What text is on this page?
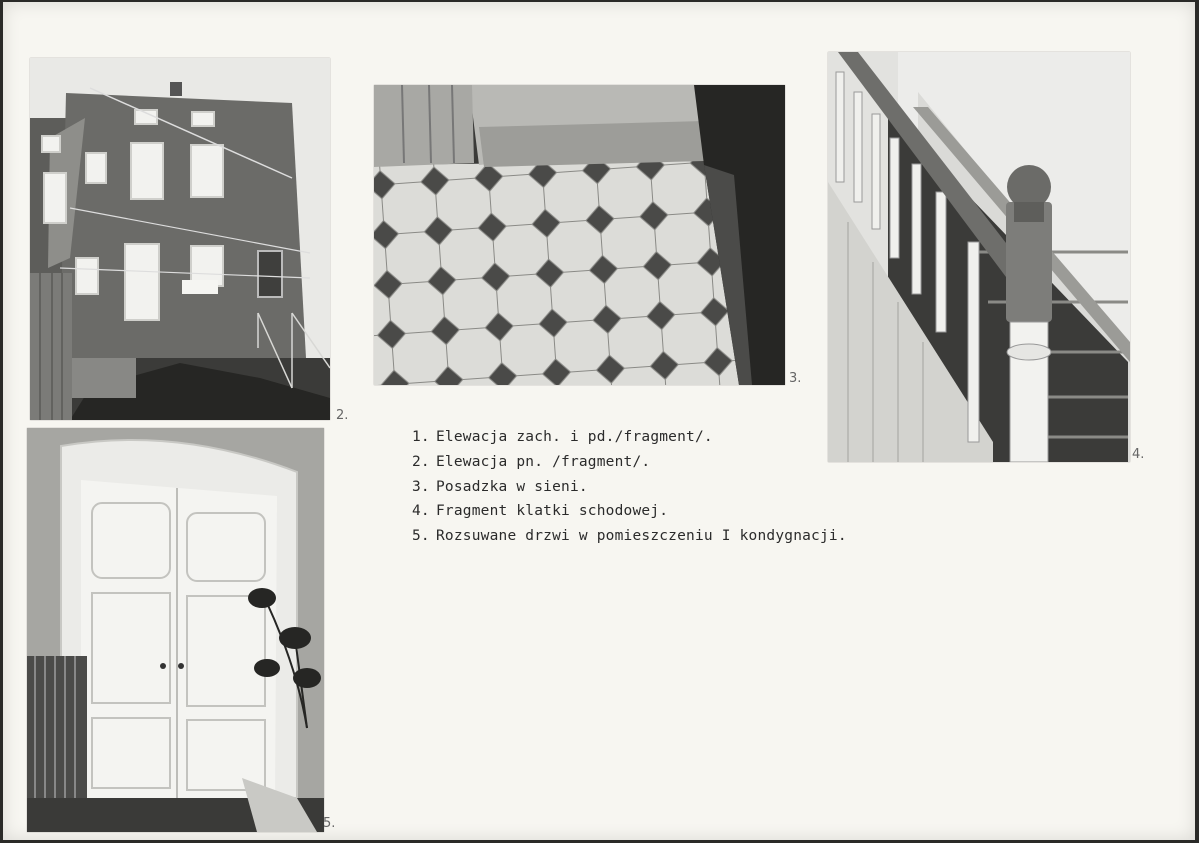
2.
3.
4.
5.
1. Elewacja zach. i pd./fragment/.
2. Elewacja pn. /fragment/.
3. Posadzka w sieni.
4. Fragment klatki schodowej.
5. Rozsuwane drzwi w pomieszczeniu I kondygnacji.
